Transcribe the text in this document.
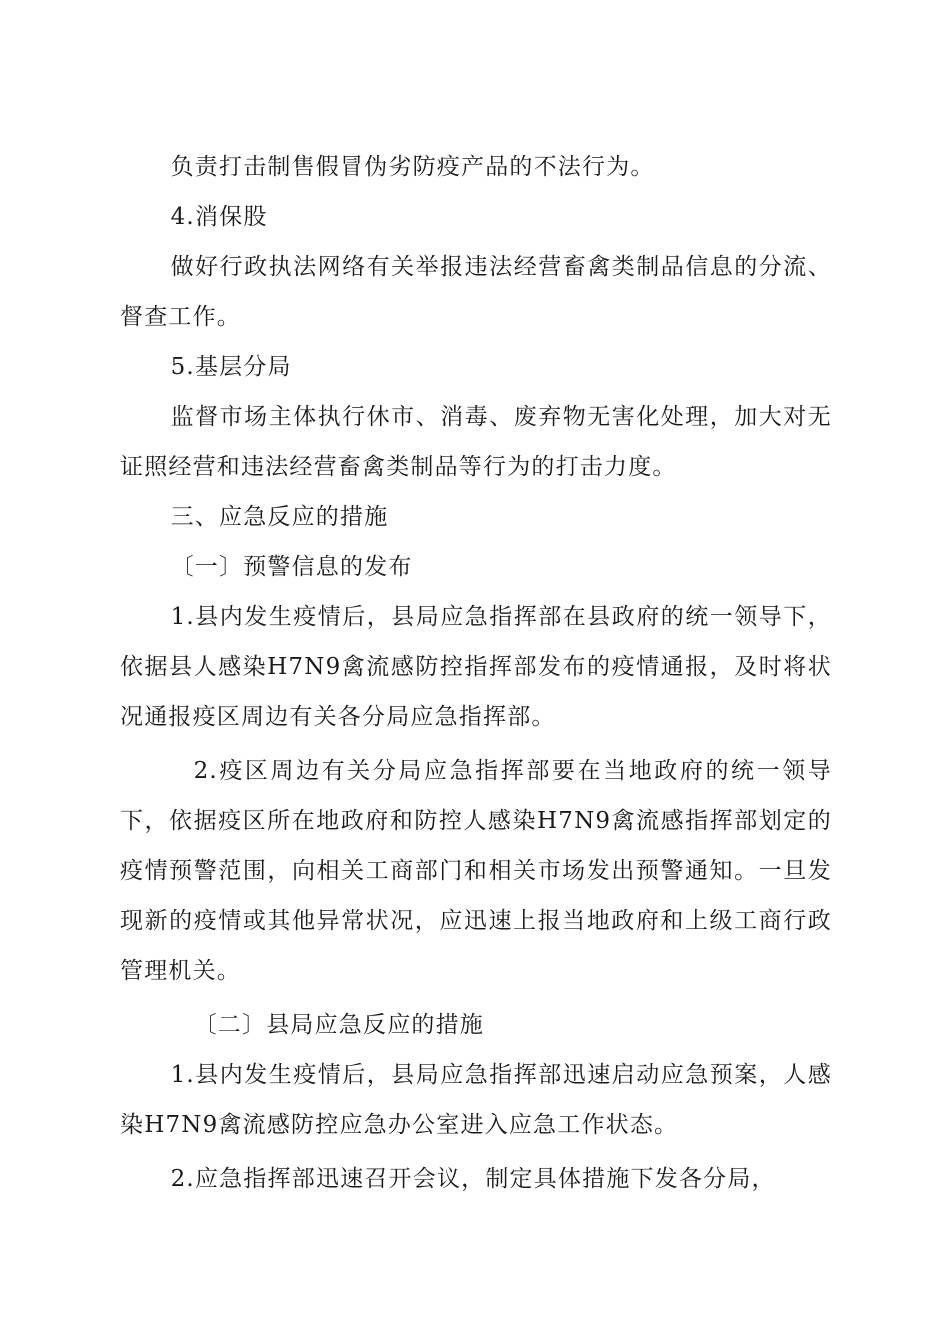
负责打击制售假冒伪劣防疫产品的不法行为。

4.消保股

做好行政执法网络有关举报违法经营畜禽类制品信息的分流、督查工作。

5.基层分局

监督市场主体执行休市、消毒、废弃物无害化处理，加大对无证照经营和违法经营畜禽类制品等行为的打击力度。

三、应急反应的措施

〔一〕预警信息的发布

1.县内发生疫情后，县局应急指挥部在县政府的统一领导下，依据县人感染H7N9禽流感防控指挥部发布的疫情通报，及时将状况通报疫区周边有关各分局应急指挥部。

2.疫区周边有关分局应急指挥部要在当地政府的统一领导下，依据疫区所在地政府和防控人感染H7N9禽流感指挥部划定的疫情预警范围，向相关工商部门和相关市场发出预警通知。一旦发现新的疫情或其他异常状况，应迅速上报当地政府和上级工商行政管理机关。

〔二〕县局应急反应的措施

1.县内发生疫情后，县局应急指挥部迅速启动应急预案，人感染H7N9禽流感防控应急办公室进入应急工作状态。

2.应急指挥部迅速召开会议，制定具体措施下发各分局，
